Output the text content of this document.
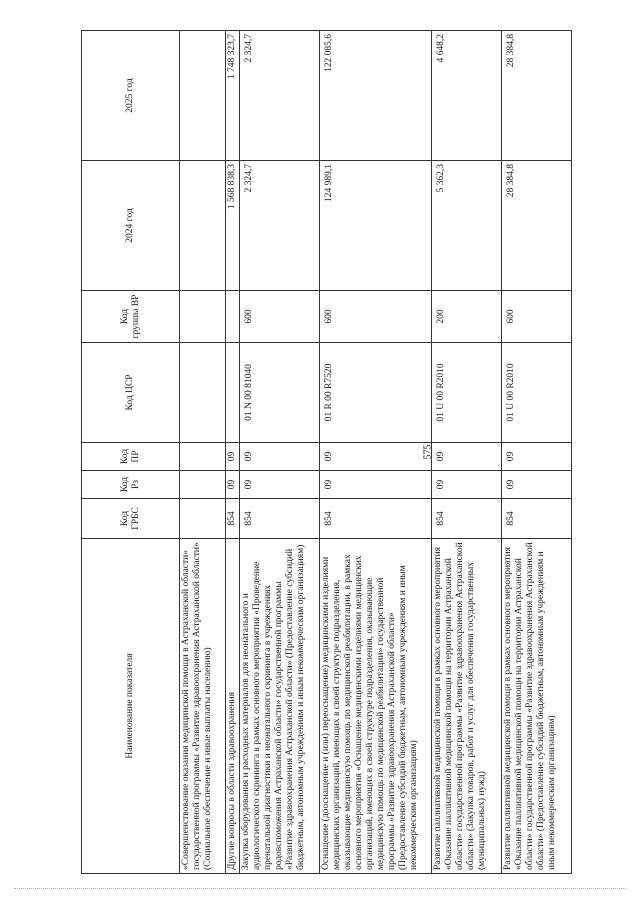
575
Наименование показателя	Код ГРБС	Код Рз	Код ПР	Код ЦСР	Код группы ВР	2024 год	2025 год
«Совершенствование оказания медицинской помощи в Астраханской области» государственной программы «Развитие здравоохранения Астраханской области» (Социальное обеспечение и иные выплаты населению)							
Другие вопросы в области здравоохранения	854	09	09			1 568 838,3	1 748 323,7
Закупка оборудования и расходных материалов для неонатального и аудиологического скрининга в рамках основного мероприятия «Проведение пренатальной диагностики и неонатального скрининга в учреждениях родовспоможения Астраханской области» государственной программы «Развитие здравоохранения Астраханской области» (Предоставление субсидий бюджетным, автономным учреждениям и иным некоммерческим организациям)	854	09	09	01 N 00 81040	600	2 324,7	2 324,7
Оснащение (дооснащение и (или) переоснащение) медицинскими изделиями медицинских организаций, имеющих в своей структуре подразделения, оказывающие медицинскую помощь по медицинской реабилитации, в рамках основного мероприятия «Оснащение медицинскими изделиями медицинских организаций, имеющих в своей структуре подразделения, оказывающие медицинскую помощь по медицинской реабилитации» государственной программы «Развитие здравоохранения Астраханской области» (Предоставление субсидий бюджетным, автономным учреждениям и иным некоммерческим организациям)	854	09	09	01 R 00 R7520	600	124 989,1	122 085,6
Развитие паллиативной медицинской помощи в рамках основного мероприятия «Оказание паллиативной медицинской помощи на территории Астраханской области» государственной программы «Развитие здравоохранения Астраханской области» (Закупка товаров, работ и услуг для обеспечения государственных (муниципальных) нужд)	854	09	09	01 U 00 R2010	200	5 362,3	4 648,2
Развитие паллиативной медицинской помощи в рамках основного мероприятия «Оказание паллиативной медицинской помощи на территории Астраханской области» государственной программы «Развитие здравоохранения Астраханской области» (Предоставление субсидий бюджетным, автономным учреждениям и иным некоммерческим организациям)	854	09	09	01 U 00 R2010	600	28 384,8	28 384,8
